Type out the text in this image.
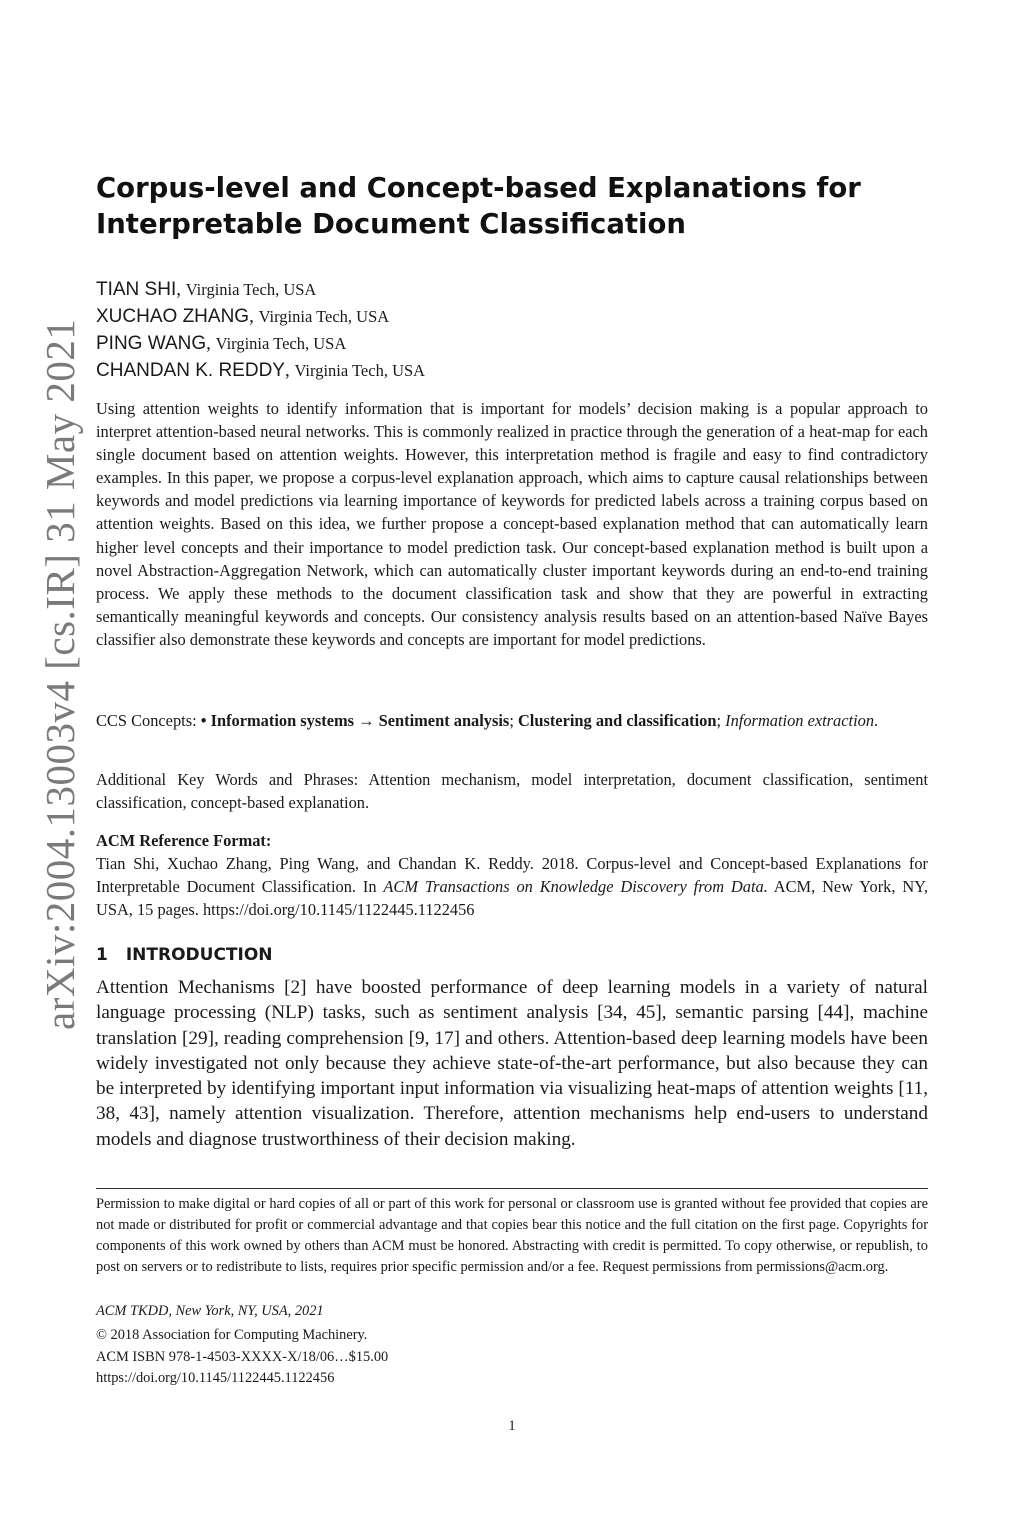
arXiv:2004.13003v4 [cs.IR] 31 May 2021
Corpus-level and Concept-based Explanations for
Interpretable Document Classification
TIAN SHI, Virginia Tech, USA
XUCHAO ZHANG, Virginia Tech, USA
PING WANG, Virginia Tech, USA
CHANDAN K. REDDY, Virginia Tech, USA

Using attention weights to identify information that is important for models’ decision making is a popular approach to interpret attention-based neural networks. This is commonly realized in practice through the generation of a heat-map for each single document based on attention weights. However, this interpretation method is fragile and easy to find contradictory examples. In this paper, we propose a corpus-level explanation approach, which aims to capture causal relationships between keywords and model predictions via learning importance of keywords for predicted labels across a training corpus based on attention weights. Based on this idea, we further propose a concept-based explanation method that can automatically learn higher level concepts and their importance to model prediction task. Our concept-based explanation method is built upon a novel Abstraction-Aggregation Network, which can automatically cluster important keywords during an end-to-end training process. We apply these methods to the document classification task and show that they are powerful in extracting semantically meaningful keywords and concepts. Our consistency analysis results based on an attention-based Naïve Bayes classifier also demonstrate these keywords and concepts are important for model predictions.

CCS Concepts: • Information systems → Sentiment analysis; Clustering and classification; Information extraction.

Additional Key Words and Phrases: Attention mechanism, model interpretation, document classification, sentiment classification, concept-based explanation.

ACM Reference Format:

Tian Shi, Xuchao Zhang, Ping Wang, and Chandan K. Reddy. 2018. Corpus-level and Concept-based Explanations for Interpretable Document Classification. In ACM Transactions on Knowledge Discovery from Data. ACM, New York, NY, USA, 15 pages. https://doi.org/10.1145/1122445.1122456

1 INTRODUCTION

Attention Mechanisms [2] have boosted performance of deep learning models in a variety of natural language processing (NLP) tasks, such as sentiment analysis [34, 45], semantic parsing [44], machine translation [29], reading comprehension [9, 17] and others. Attention-based deep learning models have been widely investigated not only because they achieve state-of-the-art performance, but also because they can be interpreted by identifying important input information via visualizing heat-maps of attention weights [11, 38, 43], namely attention visualization. Therefore, attention mechanisms help end-users to understand models and diagnose trustworthiness of their decision making.

Permission to make digital or hard copies of all or part of this work for personal or classroom use is granted without fee provided that copies are not made or distributed for profit or commercial advantage and that copies bear this notice and the full citation on the first page. Copyrights for components of this work owned by others than ACM must be honored. Abstracting with credit is permitted. To copy otherwise, or republish, to post on servers or to redistribute to lists, requires prior specific permission and/or a fee. Request permissions from permissions@acm.org.

ACM TKDD, New York, NY, USA, 2021
© 2018 Association for Computing Machinery.
ACM ISBN 978-1-4503-XXXX-X/18/06…$15.00
https://doi.org/10.1145/1122445.1122456
1
